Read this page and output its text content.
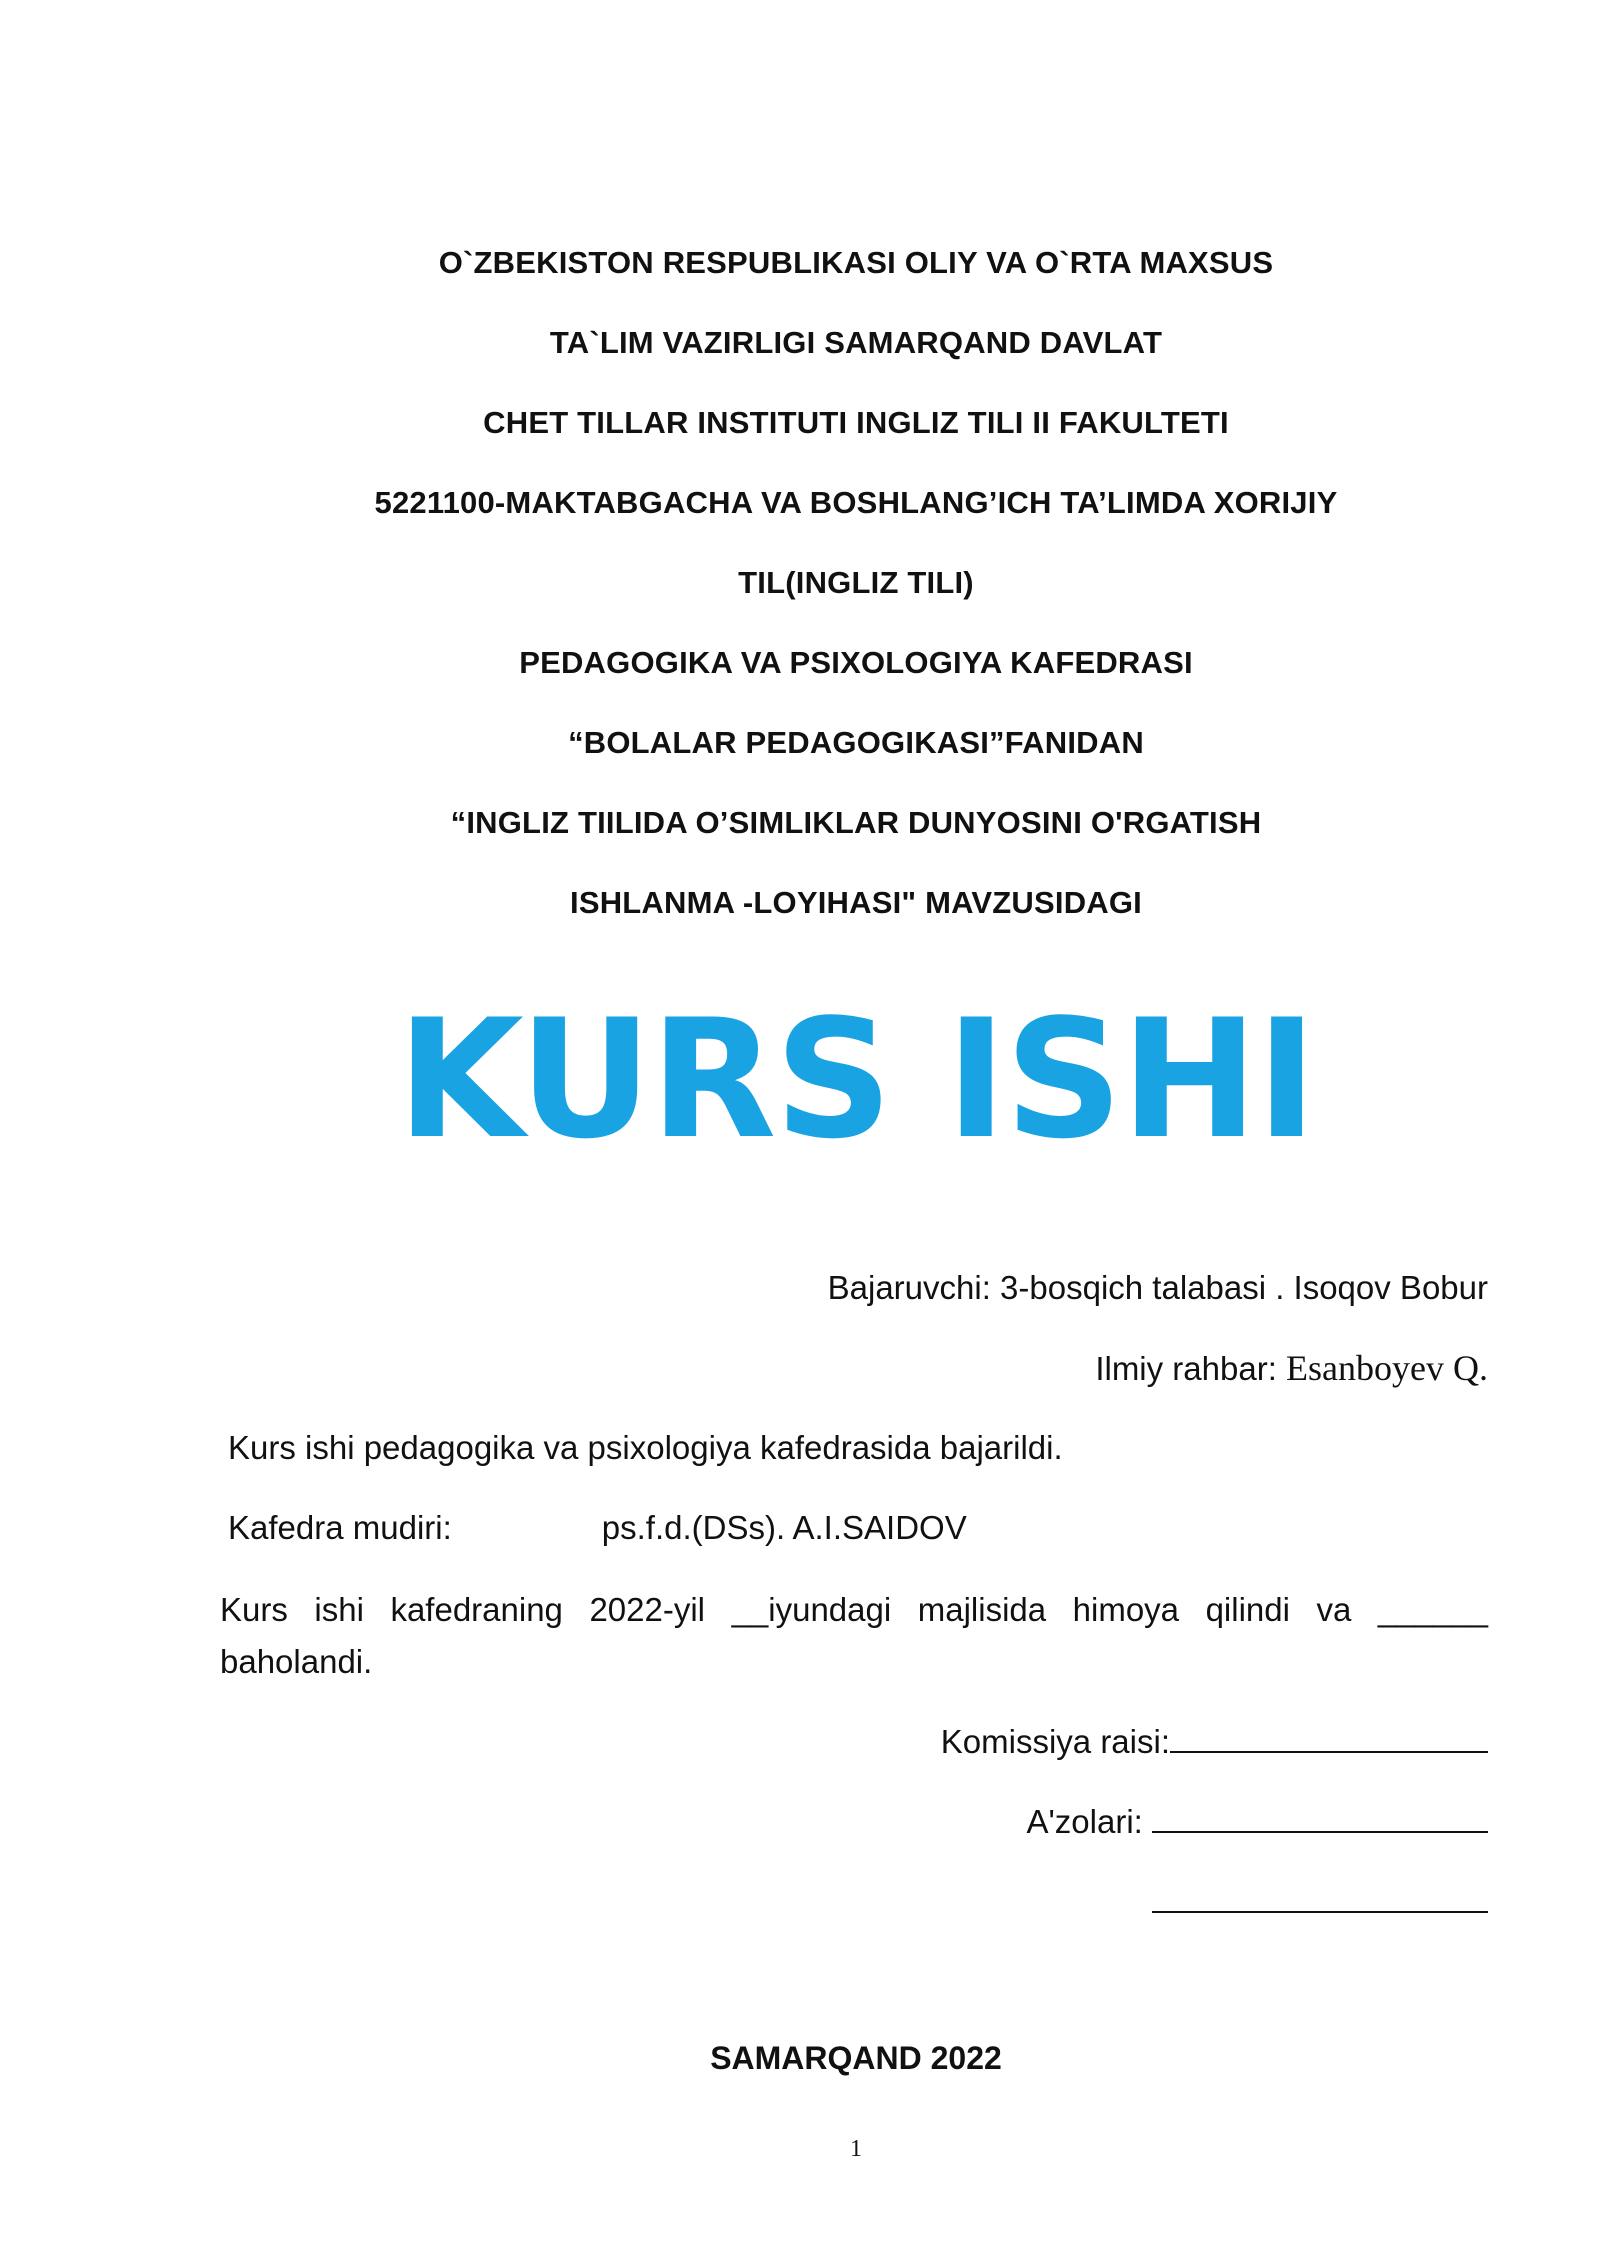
O`ZBEKISTON RESPUBLIKASI OLIY VA O`RTA MAXSUS
TA`LIM VAZIRLIGI SAMARQAND DAVLAT
CHET TILLAR INSTITUTI INGLIZ TILI II FAKULTETI
5221100-MAKTABGACHA VA BOSHLANG’ICH TA’LIMDA XORIJIY
TIL(INGLIZ TILI)
PEDAGOGIKA VA PSIXOLOGIYA KAFEDRASI
“BOLALAR PEDAGOGIKASI”FANIDAN
“INGLIZ TIILIDA O’SIMLIKLAR DUNYOSINI O'RGATISH
ISHLANMA -LOYIHASI" MAVZUSIDAGI
KURS ISHI
Bajaruvchi: 3-bosqich talabasi . Isoqov Bobur
Ilmiy rahbar: Esanboyev Q.
Kurs ishi pedagogika va psixologiya kafedrasida bajarildi.
Kafedra mudiri:	ps.f.d.(DSs). A.I.SAIDOV
Kurs ishi kafedraning 2022-yil __iyundagi majlisida himoya qilindi va ______
baholandi.
Komissiya raisi:
A'zolari:
SAMARQAND 2022
1
